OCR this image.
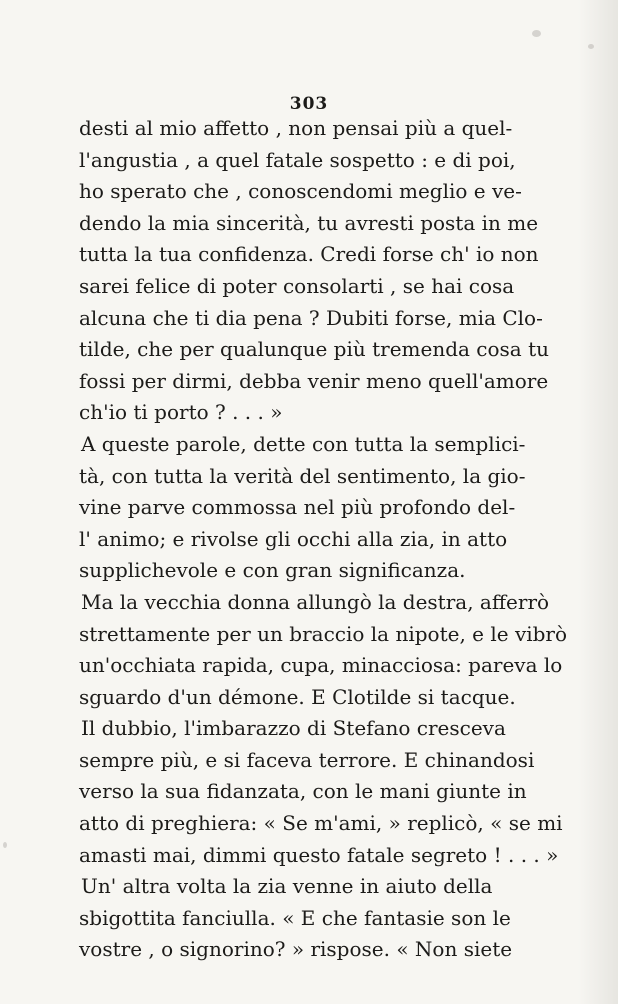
303
desti al mio affetto , non pensai più a quel-
l'angustia , a quel fatale sospetto : e di poi,
ho sperato che , conoscendomi meglio e ve-
dendo la mia sincerità, tu avresti posta in me
tutta la tua confidenza. Credi forse ch' io non
sarei felice di poter consolarti , se hai cosa
alcuna che ti dia pena ? Dubiti forse, mia Clo-
tilde, che per qualunque più tremenda cosa tu
fossi per dirmi, debba venir meno quell'amore
ch'io ti porto ? . . . »
A queste parole, dette con tutta la semplici-
tà, con tutta la verità del sentimento, la gio-
vine parve commossa nel più profondo del-
l' animo; e rivolse gli occhi alla zia, in atto
supplichevole e con gran significanza.
Ma la vecchia donna allungò la destra, afferrò
strettamente per un braccio la nipote, e le vibrò
un'occhiata rapida, cupa, minacciosa: pareva lo
sguardo d'un démone. E Clotilde si tacque.
Il dubbio, l'imbarazzo di Stefano cresceva
sempre più, e si faceva terrore. E chinandosi
verso la sua fidanzata, con le mani giunte in
atto di preghiera: « Se m'ami, » replicò, « se mi
amasti mai, dimmi questo fatale segreto ! . . . »
Un' altra volta la zia venne in aiuto della
sbigottita fanciulla. « E che fantasie son le
vostre , o signorino? » rispose. « Non siete
